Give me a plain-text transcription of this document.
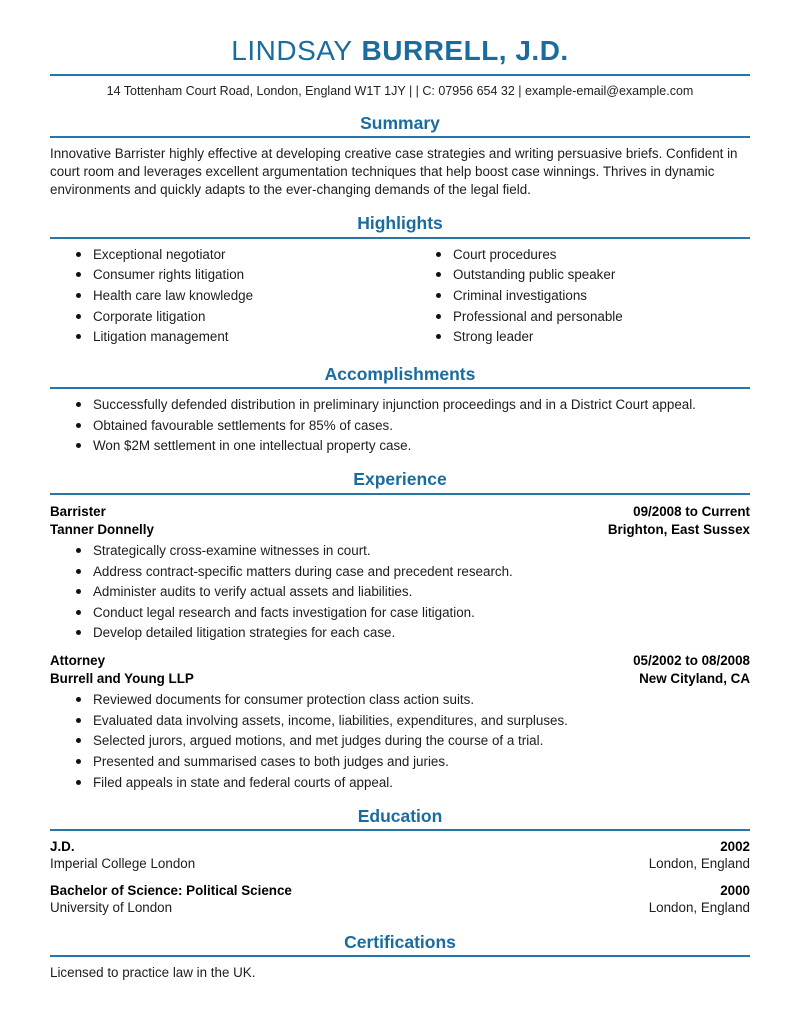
LINDSAY BURRELL, J.D.
14 Tottenham Court Road, London, England W1T 1JY | | C: 07956 654 32 | example-email@example.com
Summary

Innovative Barrister highly effective at developing creative case strategies and writing persuasive briefs. Confident in court room and leverages excellent argumentation techniques that help boost case winnings. Thrives in dynamic environments and quickly adapts to the ever-changing demands of the legal field.

Highlights
Exceptional negotiator
Consumer rights litigation
Health care law knowledge
Corporate litigation
Litigation management
Court procedures
Outstanding public speaker
Criminal investigations
Professional and personable
Strong leader
Accomplishments
Successfully defended distribution in preliminary injunction proceedings and in a District Court appeal.
Obtained favourable settlements for 85% of cases.
Won $2M settlement in one intellectual property case.
Experience
Barrister
Tanner Donnelly
09/2008 to Current
Brighton, East Sussex
Strategically cross-examine witnesses in court.
Address contract-specific matters during case and precedent research.
Administer audits to verify actual assets and liabilities.
Conduct legal research and facts investigation for case litigation.
Develop detailed litigation strategies for each case.
Attorney
Burrell and Young LLP
05/2002 to 08/2008
New Cityland, CA
Reviewed documents for consumer protection class action suits.
Evaluated data involving assets, income, liabilities, expenditures, and surpluses.
Selected jurors, argued motions, and met judges during the course of a trial.
Presented and summarised cases to both judges and juries.
Filed appeals in state and federal courts of appeal.
Education
J.D.
Imperial College London
2002
London, England
Bachelor of Science: Political Science
University of London
2000
London, England
Certifications

Licensed to practice law in the UK.
